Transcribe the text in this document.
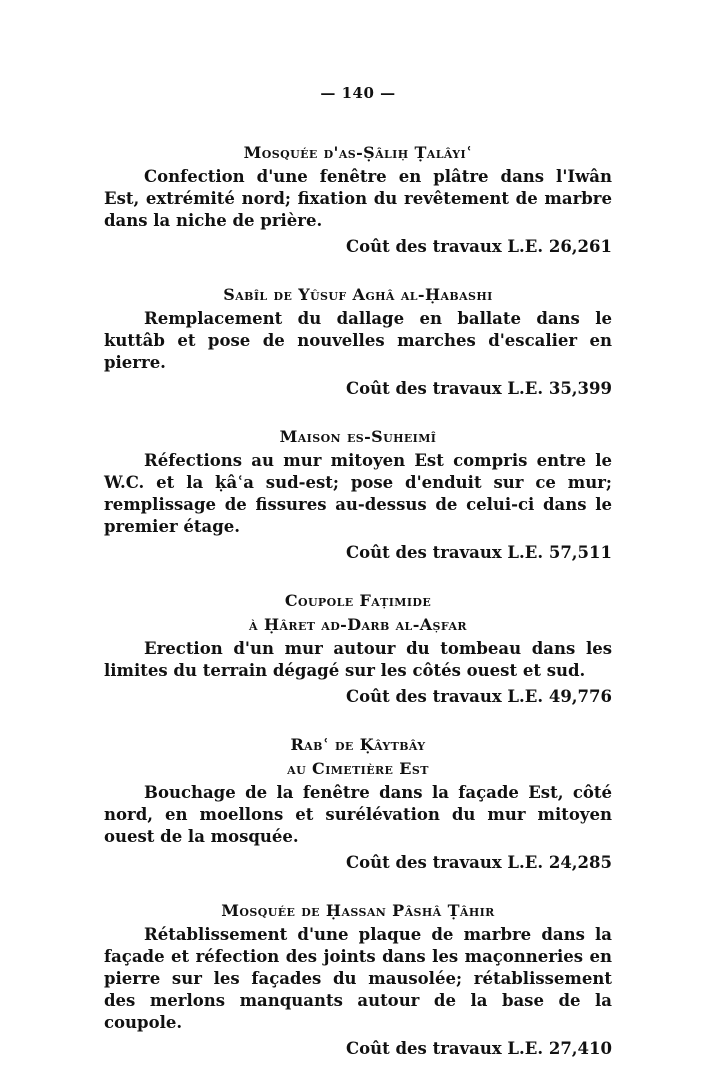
— 140 —
Mosquée d'as-Ṣâliḥ Ṭalâyiʿ

Confection d'une fenêtre en plâtre dans l'Iwân Est, extrémité nord; fixation du revêtement de marbre dans la niche de prière.

Coût des travaux L.E. 26,261
Sabîl de Yûsuf Aghâ al-Ḥabashi

Remplacement du dallage en ballate dans le kuttâb et pose de nouvelles marches d'escalier en pierre.

Coût des travaux L.E. 35,399
Maison es-Suheimî

Réfections au mur mitoyen Est compris entre le W.C. et la ḳâʿa sud-est; pose d'enduit sur ce mur; remplissage de fissures au-dessus de celui-ci dans le premier étage.

Coût des travaux L.E. 57,511
Coupole Faṭimide
à Ḥâret ad-Darb al-Aṣfar

Erection d'un mur autour du tombeau dans les limites du terrain dégagé sur les côtés ouest et sud.

Coût des travaux L.E. 49,776
Rabʿ de Ḳâytbây
au Cimetière Est

Bouchage de la fenêtre dans la façade Est, côté nord, en moellons et surélévation du mur mitoyen ouest de la mosquée.

Coût des travaux L.E. 24,285
Mosquée de Ḥassan Pâshâ Ṭâhir

Rétablissement d'une plaque de marbre dans la façade et réfection des joints dans les maçonneries en pierre sur les façades du mausolée; rétablissement des merlons manquants autour de la base de la coupole.

Coût des travaux L.E. 27,410
